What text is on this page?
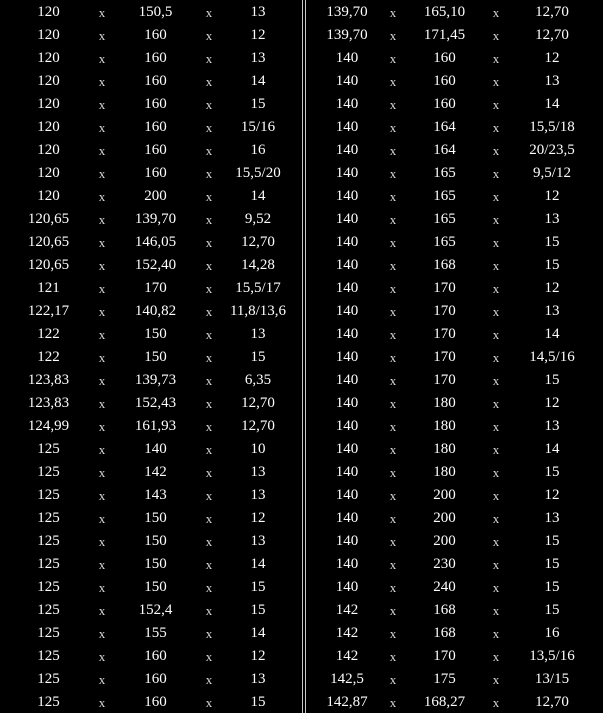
120	x	150,5	x	13
120	x	160	x	12
120	x	160	x	13
120	x	160	x	14
120	x	160	x	15
120	x	160	x	15/16
120	x	160	x	16
120	x	160	x	15,5/20
120	x	200	x	14
120,65	x	139,70	x	9,52
120,65	x	146,05	x	12,70
120,65	x	152,40	x	14,28
121	x	170	x	15,5/17
122,17	x	140,82	x	11,8/13,6
122	x	150	x	13
122	x	150	x	15
123,83	x	139,73	x	6,35
123,83	x	152,43	x	12,70
124,99	x	161,93	x	12,70
125	x	140	x	10
125	x	142	x	13
125	x	143	x	13
125	x	150	x	12
125	x	150	x	13
125	x	150	x	14
125	x	150	x	15
125	x	152,4	x	15
125	x	155	x	14
125	x	160	x	12
125	x	160	x	13
125	x	160	x	15
139,70	x	165,10	x	12,70
139,70	x	171,45	x	12,70
140	x	160	x	12
140	x	160	x	13
140	x	160	x	14
140	x	164	x	15,5/18
140	x	164	x	20/23,5
140	x	165	x	9,5/12
140	x	165	x	12
140	x	165	x	13
140	x	165	x	15
140	x	168	x	15
140	x	170	x	12
140	x	170	x	13
140	x	170	x	14
140	x	170	x	14,5/16
140	x	170	x	15
140	x	180	x	12
140	x	180	x	13
140	x	180	x	14
140	x	180	x	15
140	x	200	x	12
140	x	200	x	13
140	x	200	x	15
140	x	230	x	15
140	x	240	x	15
142	x	168	x	15
142	x	168	x	16
142	x	170	x	13,5/16
142,5	x	175	x	13/15
142,87	x	168,27	x	12,70
